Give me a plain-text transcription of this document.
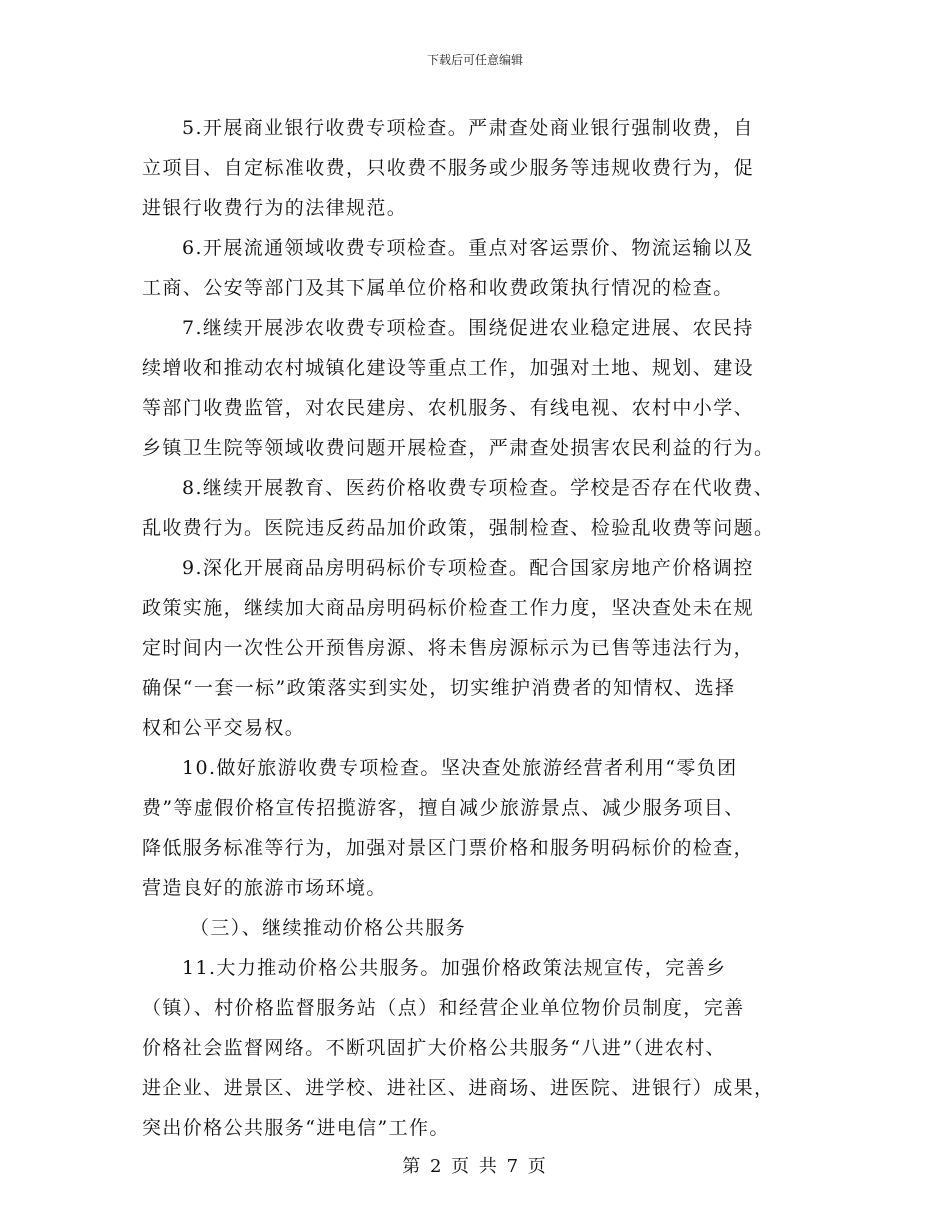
下载后可任意编辑
5.开展商业银行收费专项检查。严肃查处商业银行强制收费，自
立项目、自定标准收费，只收费不服务或少服务等违规收费行为，促
进银行收费行为的法律规范。
6.开展流通领域收费专项检查。重点对客运票价、物流运输以及
工商、公安等部门及其下属单位价格和收费政策执行情况的检查。
7.继续开展涉农收费专项检查。围绕促进农业稳定进展、农民持
续增收和推动农村城镇化建设等重点工作，加强对土地、规划、建设
等部门收费监管，对农民建房、农机服务、有线电视、农村中小学、
乡镇卫生院等领域收费问题开展检查，严肃查处损害农民利益的行为。
8.继续开展教育、医药价格收费专项检查。学校是否存在代收费、
乱收费行为。医院违反药品加价政策，强制检查、检验乱收费等问题。
9.深化开展商品房明码标价专项检查。配合国家房地产价格调控
政策实施，继续加大商品房明码标价检查工作力度，坚决查处未在规
定时间内一次性公开预售房源、将未售房源标示为已售等违法行为，
确保“一套一标”政策落实到实处，切实维护消费者的知情权、选择
权和公平交易权。
10.做好旅游收费专项检查。坚决查处旅游经营者利用“零负团
费”等虚假价格宣传招揽游客，擅自减少旅游景点、减少服务项目、
降低服务标准等行为，加强对景区门票价格和服务明码标价的检查，
营造良好的旅游市场环境。
（三）、继续推动价格公共服务
11.大力推动价格公共服务。加强价格政策法规宣传，完善乡
（镇）、村价格监督服务站（点）和经营企业单位物价员制度，完善
价格社会监督网络。不断巩固扩大价格公共服务“八进”（进农村、
进企业、进景区、进学校、进社区、进商场、进医院、进银行）成果，
突出价格公共服务“进电信”工作。
第 2 页 共 7 页
